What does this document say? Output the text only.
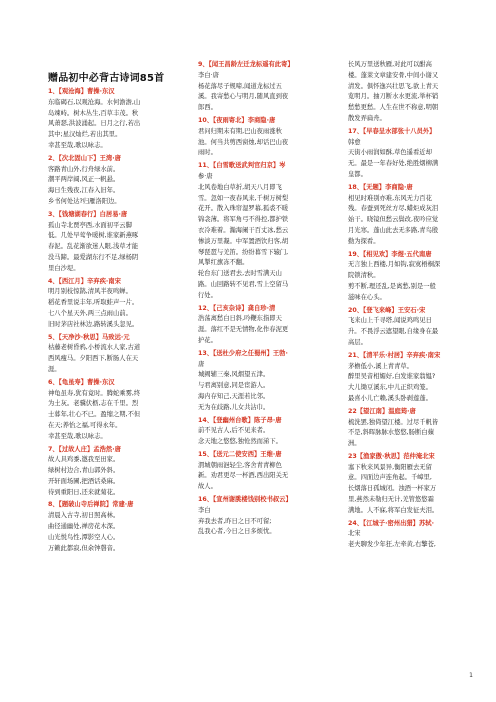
赠品初中必背古诗词85首
1、【观沧海】曹操·东汉
东临碣石,以观沧海。水何澹澹,山
岛竦峙。树木丛生,百草丰茂。秋
风萧瑟,洪波涌起。日月之行,若出
其中;星汉灿烂,若出其里。
幸甚至哉,歌以咏志。
2、【次北固山下】王湾·唐
客路青山外,行舟绿水前。
潮平两岸阔,风正一帆悬。
海日生残夜,江春入旧年。
乡书何处达?归雁洛阳边。
3、【钱塘湖春行】白居易·唐
孤山寺北贾亭西,水面初平云脚
低。几处早莺争暖树,谁家新燕啄
春泥。乱花渐欲迷人眼,浅草才能
没马蹄。最爱湖东行不足,绿杨阴
里白沙堤。
4、【西江月】辛弃疾·南宋
明月别枝惊鹊,清风半夜鸣蝉。
稻花香里说丰年,听取蛙声一片。
七八个星天外,两三点雨山前。
旧时茅店社林边,路转溪头忽见。
5、【天净沙·秋思】马致远·元
枯藤老树昏鸦,小桥流水人家,古道
西风瘦马。夕阳西下,断肠人在天
涯。
6、【龟虽寿】曹操·东汉
神龟虽寿,犹有竟时。腾蛇乘雾,终
为土灰。老骥伏枥,志在千里。烈
士暮年,壮心不已。盈缩之期,不但
在天;养怡之福,可得永年。
幸甚至哉,歌以咏志。
7、【过故人庄】孟浩然·唐
故人具鸡黍,邀我至田家。
绿树村边合,青山郭外斜。
开轩面场圃,把酒话桑麻。
待到重阳日,还来就菊花。
8、【题破山寺后禅院】常建·唐
清晨入古寺,初日照高林。
曲径通幽处,禅房花木深。
山光悦鸟性,潭影空人心。
万籁此都寂,但余钟磬音。
9、【闻王昌龄左迁龙标遥有此寄】
李白·唐
杨花落尽子规啼,闻道龙标过五
溪。我寄愁心与明月,随风直到夜
郎西。
10、【夜雨寄北】李商隐·唐
君问归期未有期,巴山夜雨涨秋
池。何当共剪西窗烛,却话巴山夜
雨时。
11、【白雪歌送武判官归京】岑
参·唐
北风卷地白草折,胡天八月即飞
雪。忽如一夜春风来,千树万树梨
花开。散入珠帘湿罗幕,狐裘不暖
锦衾薄。将军角弓不得控,都护铁
衣冷难着。瀚海阑干百丈冰,愁云
惨淡万里凝。中军置酒饮归客,胡
琴琵琶与羌笛。纷纷暮雪下辕门,
风掣红旗冻不翻。
轮台东门送君去,去时雪满天山
路。山回路转不见君,雪上空留马
行处。
12、【己亥杂诗】龚自珍·清
浩荡离愁白日斜,吟鞭东指即天
涯。落红不是无情物,化作春泥更
护花。
13、【送杜少府之任蜀州】王勃·
唐
城阙辅三秦,风烟望五津。
与君离别意,同是宦游人。
海内存知己,天涯若比邻。
无为在歧路,儿女共沾巾。
14、【登幽州台歌】陈子昂·唐
前不见古人,后不见来者。
念天地之悠悠,独怆然而涕下。
15、【送元二使安西】王维·唐
渭城朝雨浥轻尘,客舍青青柳色
新。劝君更尽一杯酒,西出阳关无
故人。
16、【宣州谢朓楼饯别校书叔云】
李白
弃我去者,昨日之日不可留;
乱我心者,今日之日多烦忧。
长风万里送秋雁,对此可以酣高
楼。蓬莱文章建安骨,中间小谢又
清发。俱怀逸兴壮思飞,欲上青天
览明月。抽刀断水水更流,举杯销
愁愁更愁。人生在世不称意,明朝
散发弄扁舟。
17、【早春呈水部张十八员外】
韩愈
天街小雨润如酥,草色遥看近却
无。最是一年春好处,绝胜烟柳满
皇都。
18、【无题】李商隐·唐
相见时难别亦难,东风无力百花
残。春蚕到死丝方尽,蜡炬成灰泪
始干。晓镜但愁云鬓改,夜吟应觉
月光寒。蓬山此去无多路,青鸟殷
勤为探看。
19、【相见欢】李煜·五代南唐
无言独上西楼,月如钩,寂寞梧桐深
院锁清秋。
剪不断,理还乱,是离愁,别是一般
滋味在心头。
20、【登飞来峰】王安石·宋
飞来山上千寻塔,闻说鸡鸣见日
升。不畏浮云遮望眼,自缘身在最
高层。
21、【清平乐·村居】辛弃疾·南宋
茅檐低小,溪上青青草。
醉里吴音相媚好,白发谁家翁媪?
大儿锄豆溪东,中儿正织鸡笼。
最喜小儿亡赖,溪头卧剥莲蓬。
22【望江南】温庭筠·唐
梳洗罢,独倚望江楼。过尽千帆皆
不是,斜晖脉脉水悠悠,肠断白蘋
洲。
23【渔家傲·秋思】范仲淹北宋
塞下秋来风景异,衡阳雁去无留
意。四面边声连角起。千嶂里,
长烟落日孤城闭。浊酒一杯家万
里,燕然未勒归无计,羌管悠悠霜
满地。人不寐,将军白发征夫泪。
24、【江城子·密州出猎】苏轼·
北宋
老夫聊发少年狂,左牵黄,右擎苍,
1
